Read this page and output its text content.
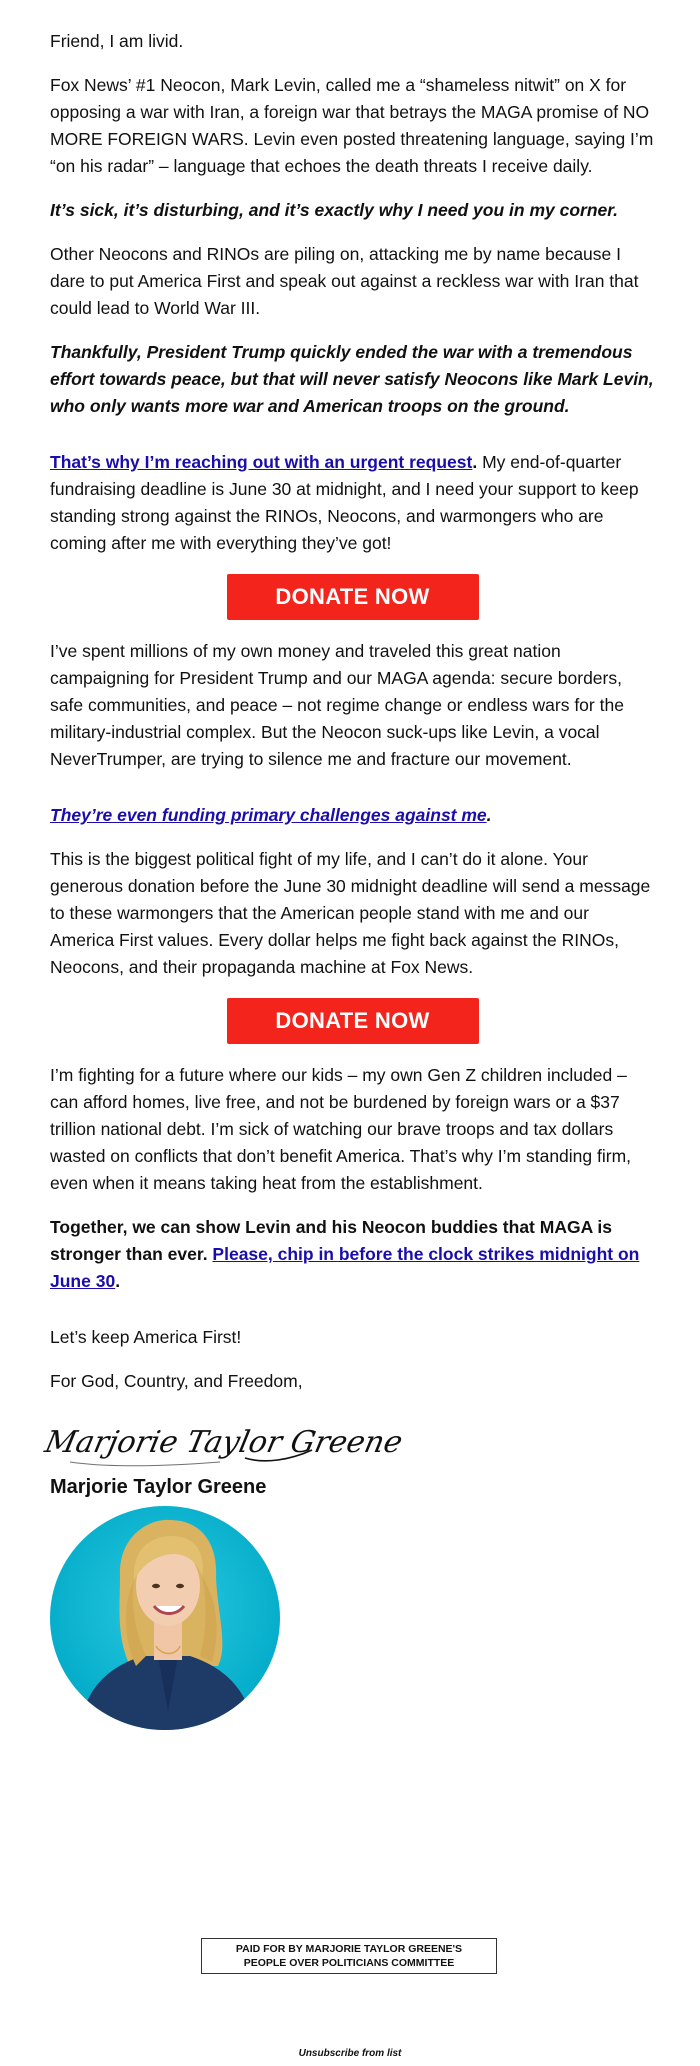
Friend, I am livid.

Fox News’ #1 Neocon, Mark Levin, called me a “shameless nitwit” on X for opposing a war with Iran, a foreign war that betrays the MAGA promise of NO MORE FOREIGN WARS. Levin even posted threatening language, saying I’m “on his radar” – language that echoes the death threats I receive daily.

It’s sick, it’s disturbing, and it’s exactly why I need you in my corner.

Other Neocons and RINOs are piling on, attacking me by name because I dare to put America First and speak out against a reckless war with Iran that could lead to World War III.

Thankfully, President Trump quickly ended the war with a tremendous effort towards peace, but that will never satisfy Neocons like Mark Levin, who only wants more war and American troops on the ground.

That’s why I’m reaching out with an urgent request. My end-of-quarter fundraising deadline is June 30 at midnight, and I need your support to keep standing strong against the RINOs, Neocons, and warmongers who are coming after me with everything they’ve got!

DONATE NOW

I’ve spent millions of my own money and traveled this great nation campaigning for President Trump and our MAGA agenda: secure borders, safe communities, and peace – not regime change or endless wars for the military-industrial complex. But the Neocon suck-ups like Levin, a vocal NeverTrumper, are trying to silence me and fracture our movement.

They’re even funding primary challenges against me.

This is the biggest political fight of my life, and I can’t do it alone. Your generous donation before the June 30 midnight deadline will send a message to these warmongers that the American people stand with me and our America First values. Every dollar helps me fight back against the RINOs, Neocons, and their propaganda machine at Fox News.

DONATE NOW

I’m fighting for a future where our kids – my own Gen Z children included – can afford homes, live free, and not be burdened by foreign wars or a $37 trillion national debt. I’m sick of watching our brave troops and tax dollars wasted on conflicts that don’t benefit America. That’s why I’m standing firm, even when it means taking heat from the establishment.

Together, we can show Levin and his Neocon buddies that MAGA is stronger than ever. Please, chip in before the clock strikes midnight on June 30.

Let’s keep America First!

For God, Country, and Freedom,

Marjorie Taylor Greene
Marjorie Taylor Greene
PAID FOR BY MARJORIE TAYLOR GREENE'S
PEOPLE OVER POLITICIANS COMMITTEE
Unsubscribe from list
